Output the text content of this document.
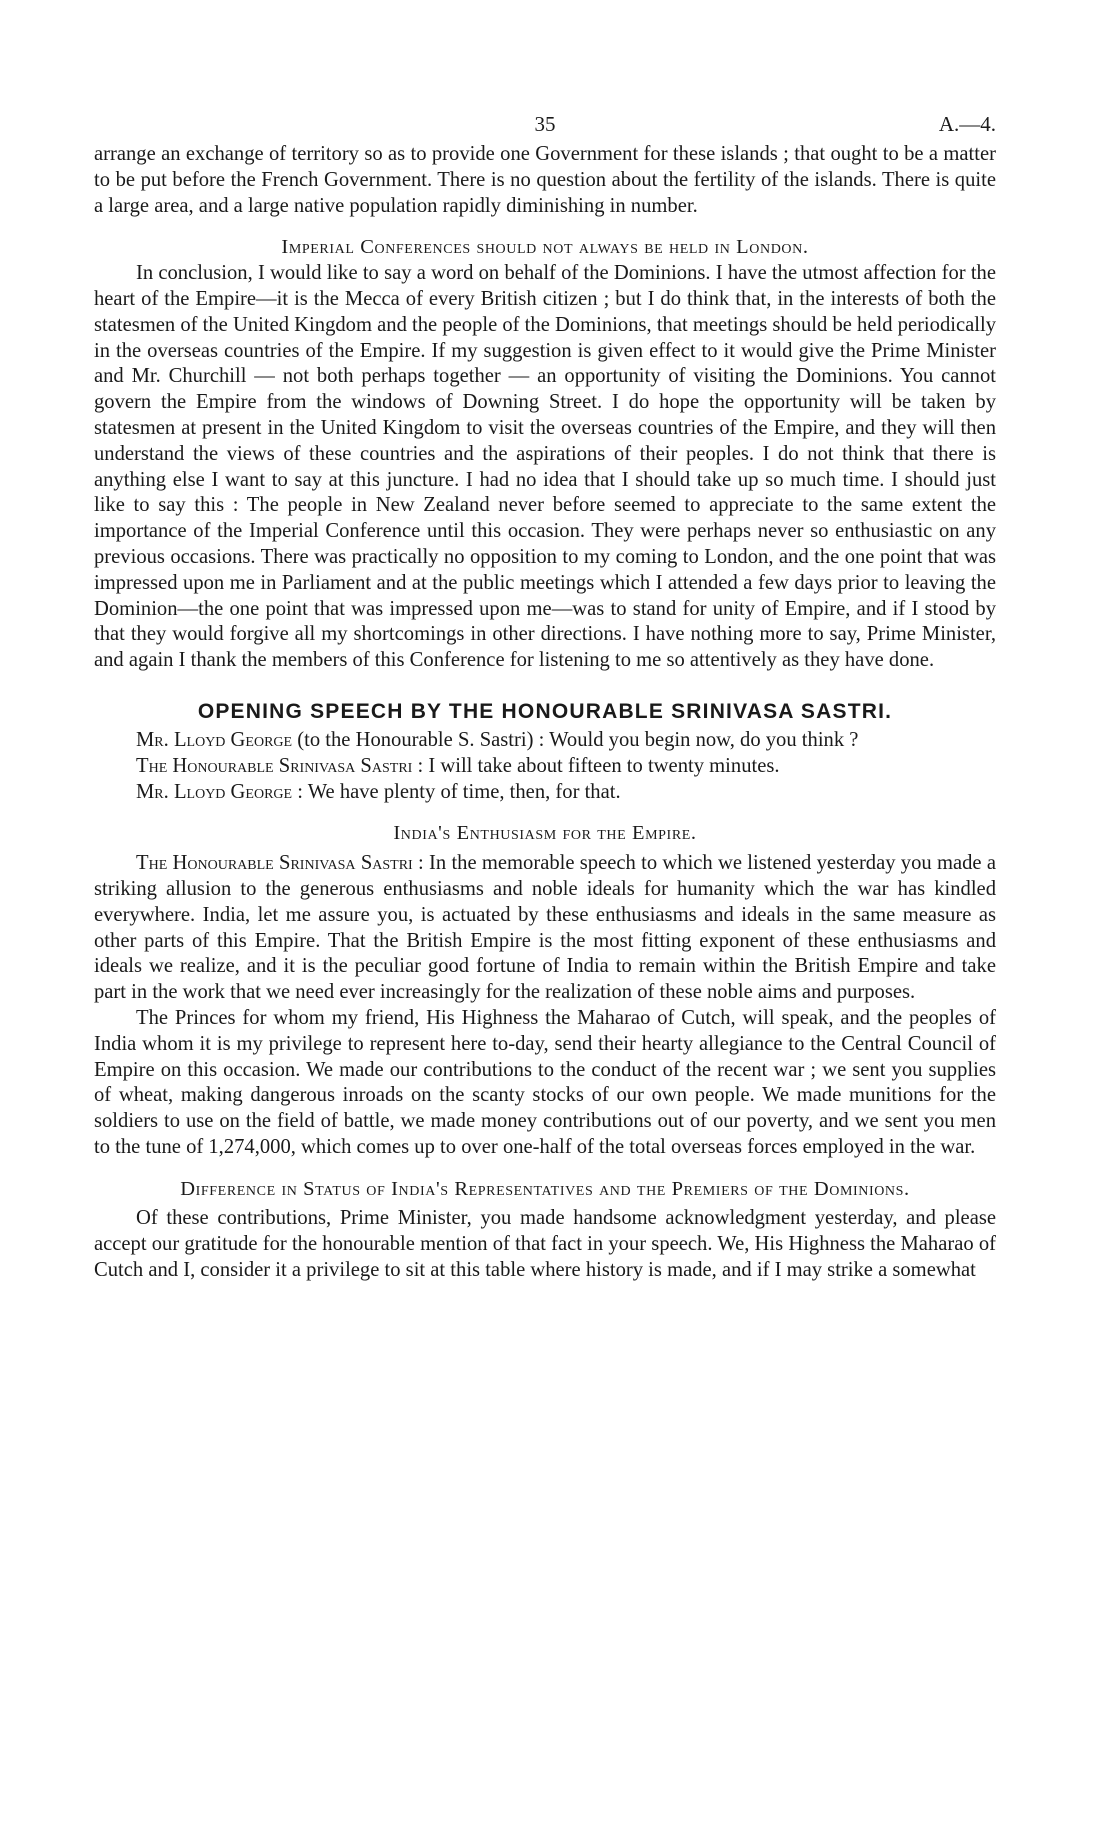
35	A.—4.

arrange an exchange of territory so as to provide one Government for these islands ; that ought to be a matter to be put before the French Government. There is no question about the fertility of the islands. There is quite a large area, and a large native population rapidly diminishing in number.

Imperial Conferences should not always be held in London.

In conclusion, I would like to say a word on behalf of the Dominions. I have the utmost affection for the heart of the Empire—it is the Mecca of every British citizen ; but I do think that, in the interests of both the statesmen of the United Kingdom and the people of the Dominions, that meetings should be held periodically in the overseas countries of the Empire. If my suggestion is given effect to it would give the Prime Minister and Mr. Churchill — not both perhaps together — an opportunity of visiting the Dominions. You cannot govern the Empire from the windows of Downing Street. I do hope the opportunity will be taken by statesmen at present in the United Kingdom to visit the overseas countries of the Empire, and they will then understand the views of these countries and the aspirations of their peoples. I do not think that there is anything else I want to say at this juncture. I had no idea that I should take up so much time. I should just like to say this : The people in New Zealand never before seemed to appreciate to the same extent the importance of the Imperial Conference until this occasion. They were perhaps never so enthusiastic on any previous occasions. There was practically no opposition to my coming to London, and the one point that was impressed upon me in Parliament and at the public meetings which I attended a few days prior to leaving the Dominion—the one point that was impressed upon me—was to stand for unity of Empire, and if I stood by that they would forgive all my shortcomings in other directions. I have nothing more to say, Prime Minister, and again I thank the members of this Conference for listening to me so attentively as they have done.

OPENING SPEECH BY THE HONOURABLE SRINIVASA SASTRI.

Mr. Lloyd George (to the Honourable S. Sastri) : Would you begin now, do you think ?

The Honourable Srinivasa Sastri : I will take about fifteen to twenty minutes.

Mr. Lloyd George : We have plenty of time, then, for that.

India's Enthusiasm for the Empire.

The Honourable Srinivasa Sastri : In the memorable speech to which we listened yesterday you made a striking allusion to the generous enthusiasms and noble ideals for humanity which the war has kindled everywhere. India, let me assure you, is actuated by these enthusiasms and ideals in the same measure as other parts of this Empire. That the British Empire is the most fitting exponent of these enthusiasms and ideals we realize, and it is the peculiar good fortune of India to remain within the British Empire and take part in the work that we need ever increasingly for the realization of these noble aims and purposes.

The Princes for whom my friend, His Highness the Maharao of Cutch, will speak, and the peoples of India whom it is my privilege to represent here to-day, send their hearty allegiance to the Central Council of Empire on this occasion. We made our contributions to the conduct of the recent war ; we sent you supplies of wheat, making dangerous inroads on the scanty stocks of our own people. We made munitions for the soldiers to use on the field of battle, we made money contributions out of our poverty, and we sent you men to the tune of 1,274,000, which comes up to over one-half of the total overseas forces employed in the war.

Difference in Status of India's Representatives and the Premiers of the Dominions.

Of these contributions, Prime Minister, you made handsome acknowledgment yesterday, and please accept our gratitude for the honourable mention of that fact in your speech. We, His Highness the Maharao of Cutch and I, consider it a privilege to sit at this table where history is made, and if I may strike a somewhat
